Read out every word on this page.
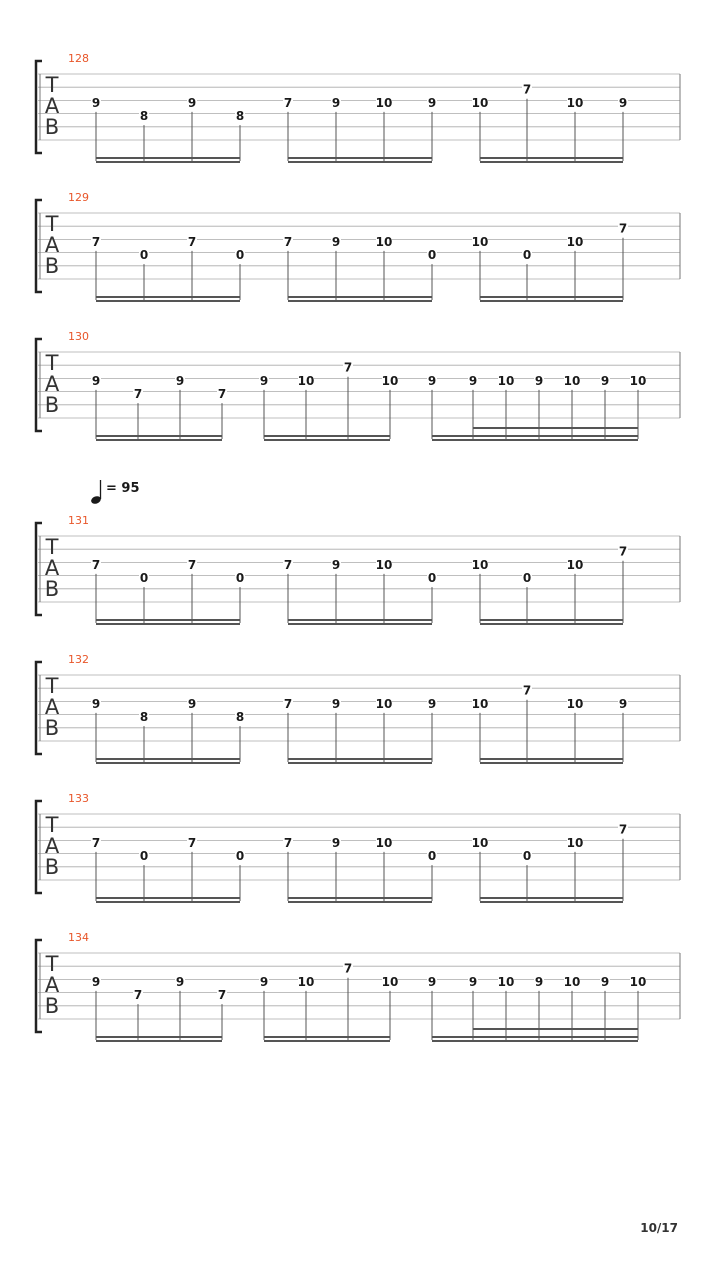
128
T
A
B
9
8
9
8
7	9	10	9	10
7
10	9
129
T
A
B
7
0
7
0
7	9	10
0
10
0
10
7
130
T
A
B
9
7
9
7
9 10
7
10 9	9 10 9 10 9 10
131
T
A
B
7
0
7
0
7	9	10
0
10
0
10
7
132
T
A
B
9
8
9
8
7	9	10	9	10
7
10	9
133
T
A
B
7
0
7
0
7	9	10
0
10
0
10
7
134
T
A
B
9
7
9
7
9 10
7
10 9	9 10 9 10 9 10
= 95
10/17
